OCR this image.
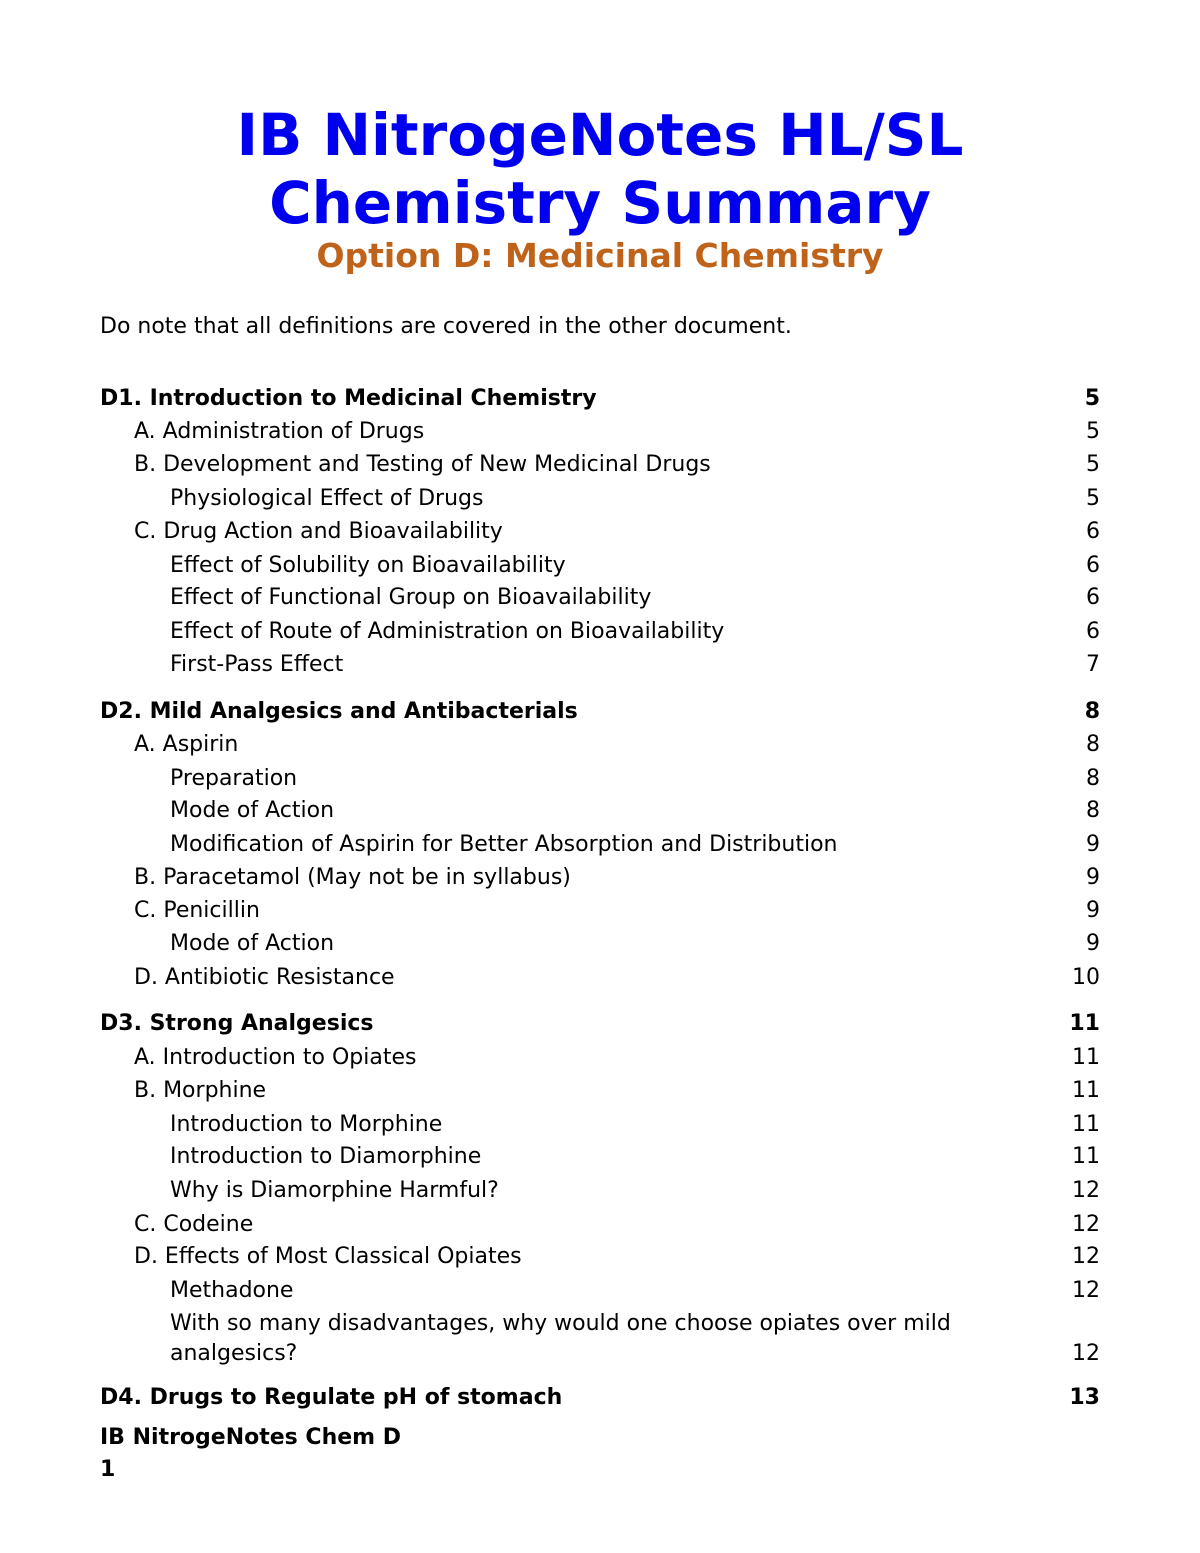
IB NitrogeNotes HL/SL
Chemistry Summary
Option D: Medicinal Chemistry

Do note that all definitions are covered in the other document.

D1. Introduction to Medicinal Chemistry	5
A. Administration of Drugs	5
B. Development and Testing of New Medicinal Drugs	5
Physiological Effect of Drugs	5
C. Drug Action and Bioavailability	6
Effect of Solubility on Bioavailability	6
Effect of Functional Group on Bioavailability	6
Effect of Route of Administration on Bioavailability	6
First-Pass Effect	7
D2. Mild Analgesics and Antibacterials	8
A. Aspirin	8
Preparation	8
Mode of Action	8
Modification of Aspirin for Better Absorption and Distribution	9
B. Paracetamol (May not be in syllabus)	9
C. Penicillin	9
Mode of Action	9
D. Antibiotic Resistance	10
D3. Strong Analgesics	11
A. Introduction to Opiates	11
B. Morphine	11
Introduction to Morphine	11
Introduction to Diamorphine	11
Why is Diamorphine Harmful?	12
C. Codeine	12
D. Effects of Most Classical Opiates	12
Methadone	12
With so many disadvantages, why would one choose opiates over mild analgesics?	12
D4. Drugs to Regulate pH of stomach	13

IB NitrogeNotes Chem D

1
